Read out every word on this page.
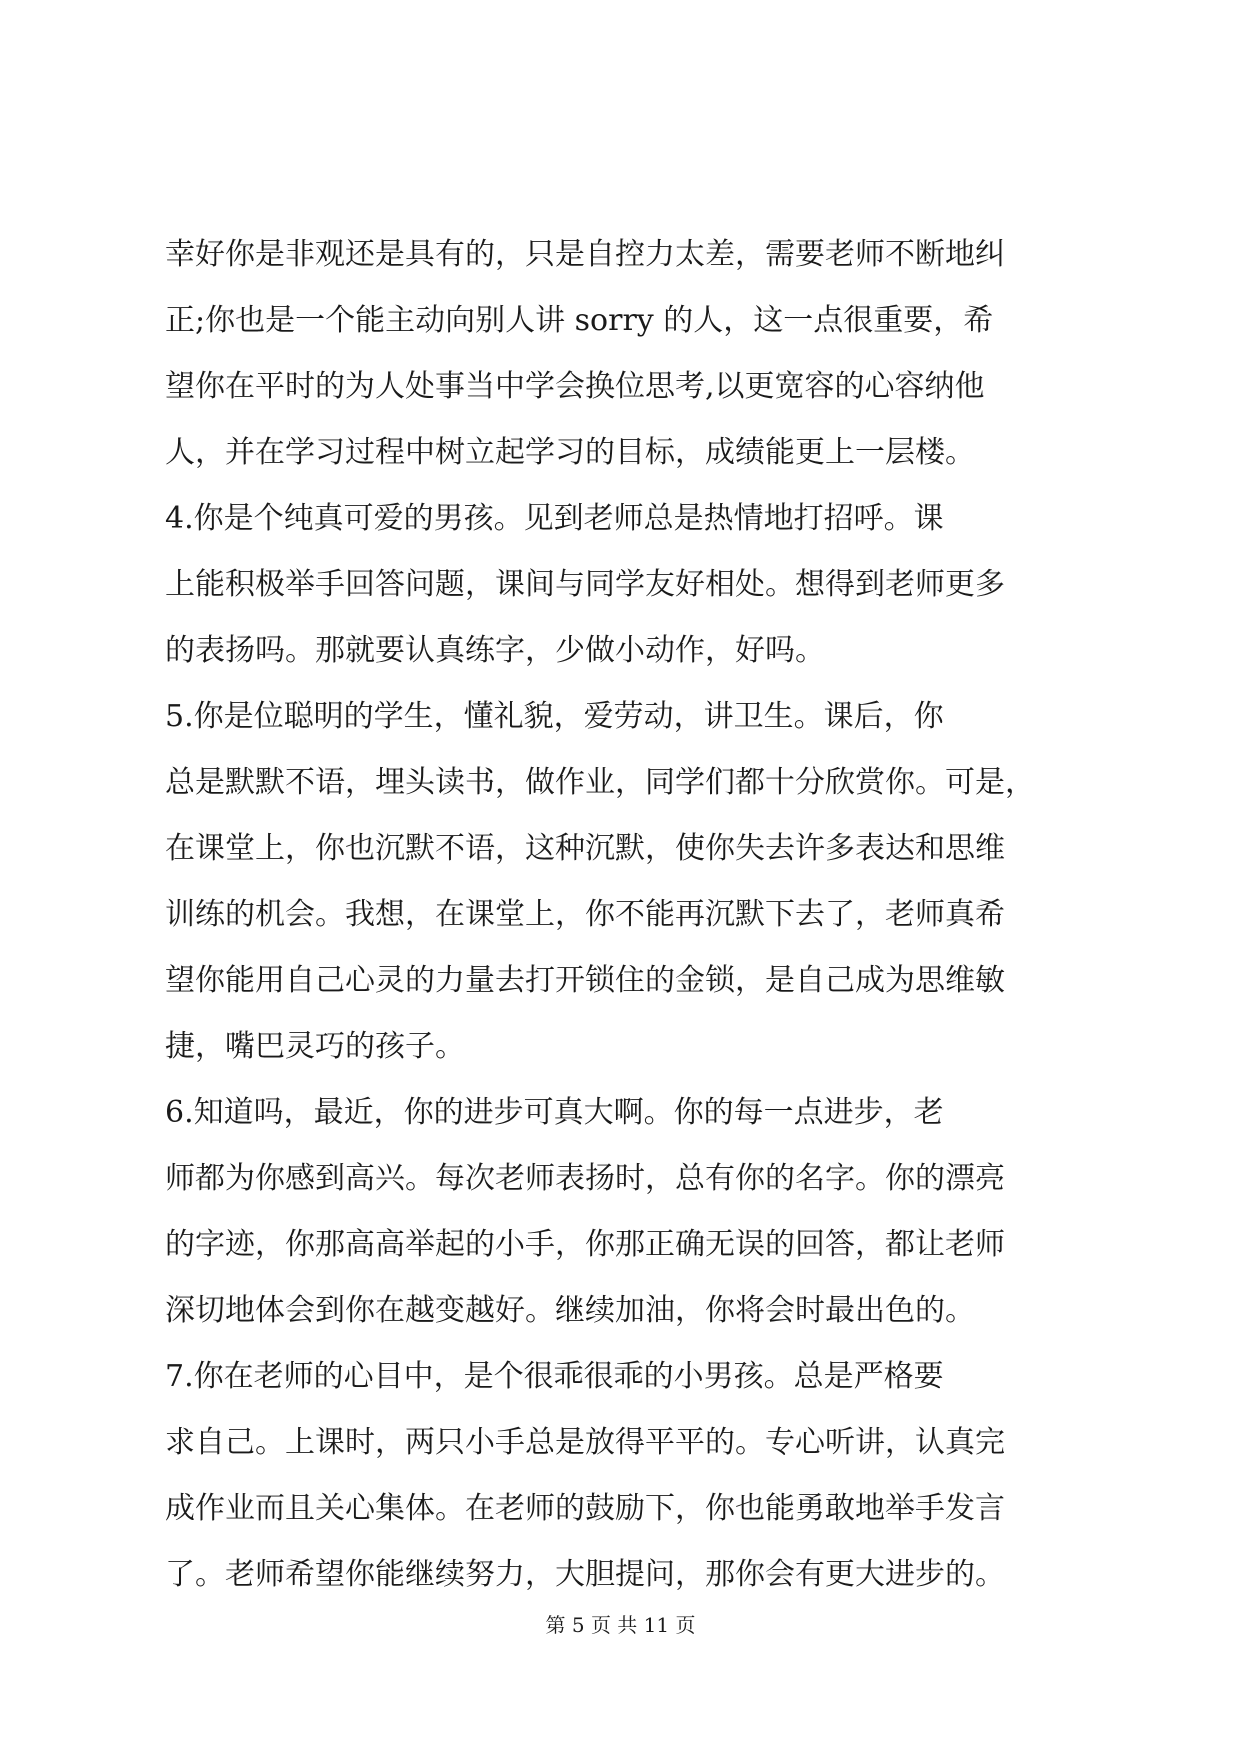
幸好你是非观还是具有的，只是自控力太差，需要老师不断地纠
正;你也是一个能主动向别人讲 sorry 的人，这一点很重要，希
望你在平时的为人处事当中学会换位思考,以更宽容的心容纳他
人，并在学习过程中树立起学习的目标，成绩能更上一层楼。

4.你是个纯真可爱的男孩。见到老师总是热情地打招呼。课
上能积极举手回答问题，课间与同学友好相处。想得到老师更多
的表扬吗。那就要认真练字，少做小动作，好吗。

5.你是位聪明的学生，懂礼貌，爱劳动，讲卫生。课后，你
总是默默不语，埋头读书，做作业，同学们都十分欣赏你。可是，
在课堂上，你也沉默不语，这种沉默，使你失去许多表达和思维
训练的机会。我想，在课堂上，你不能再沉默下去了，老师真希
望你能用自己心灵的力量去打开锁住的金锁，是自己成为思维敏
捷，嘴巴灵巧的孩子。

6.知道吗，最近，你的进步可真大啊。你的每一点进步，老
师都为你感到高兴。每次老师表扬时，总有你的名字。你的漂亮
的字迹，你那高高举起的小手，你那正确无误的回答，都让老师
深切地体会到你在越变越好。继续加油，你将会时最出色的。

7.你在老师的心目中，是个很乖很乖的小男孩。总是严格要
求自己。上课时，两只小手总是放得平平的。专心听讲，认真完
成作业而且关心集体。在老师的鼓励下，你也能勇敢地举手发言
了。老师希望你能继续努力，大胆提问，那你会有更大进步的。

第 5 页 共 11 页
